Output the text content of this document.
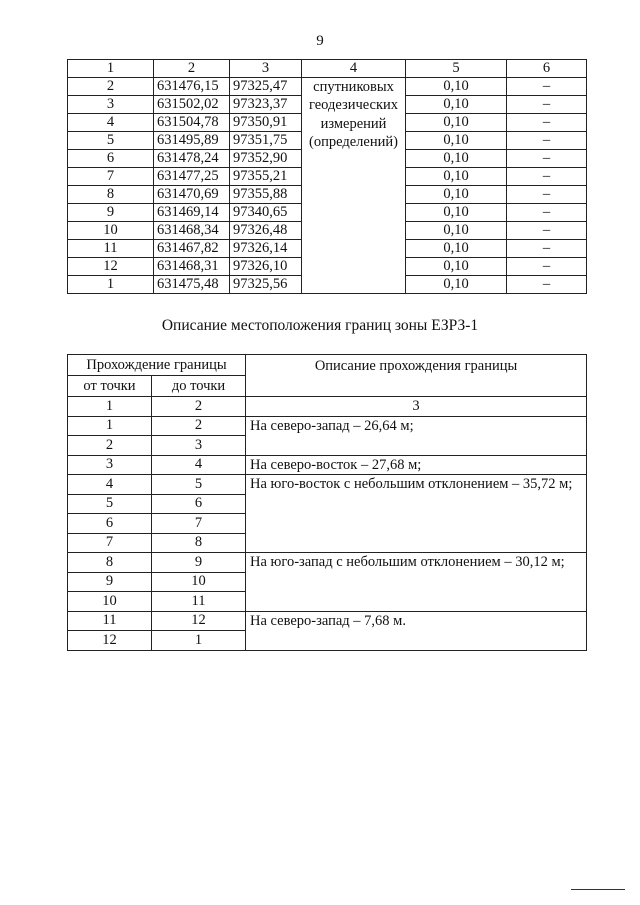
9
1	2	3	4	5	6
2	631476,15	97325,47	спутниковых
геодезических
измерений
(определений)	0,10	–
3	631502,02	97323,37		0,10	–
4	631504,78	97350,91		0,10	–
5	631495,89	97351,75		0,10	–
6	631478,24	97352,90		0,10	–
7	631477,25	97355,21		0,10	–
8	631470,69	97355,88		0,10	–
9	631469,14	97340,65		0,10	–
10	631468,34	97326,48		0,10	–
11	631467,82	97326,14		0,10	–
12	631468,31	97326,10		0,10	–
1	631475,48	97325,56		0,10	–
Описание местоположения границ зоны ЕЗРЗ-1
Прохождение границы		Описание прохождения границы
от точки	до точки	
1	2	3
1	2	На северо-запад – 26,64 м;
2	3	
3	4	На северо-восток – 27,68 м;
4	5	На юго-восток с небольшим отклонением – 35,72 м;
5	6	
6	7	
7	8	
8	9	На юго-запад с небольшим отклонением – 30,12 м;
9	10	
10	11	
11	12	На северо-запад – 7,68 м.
12	1	
